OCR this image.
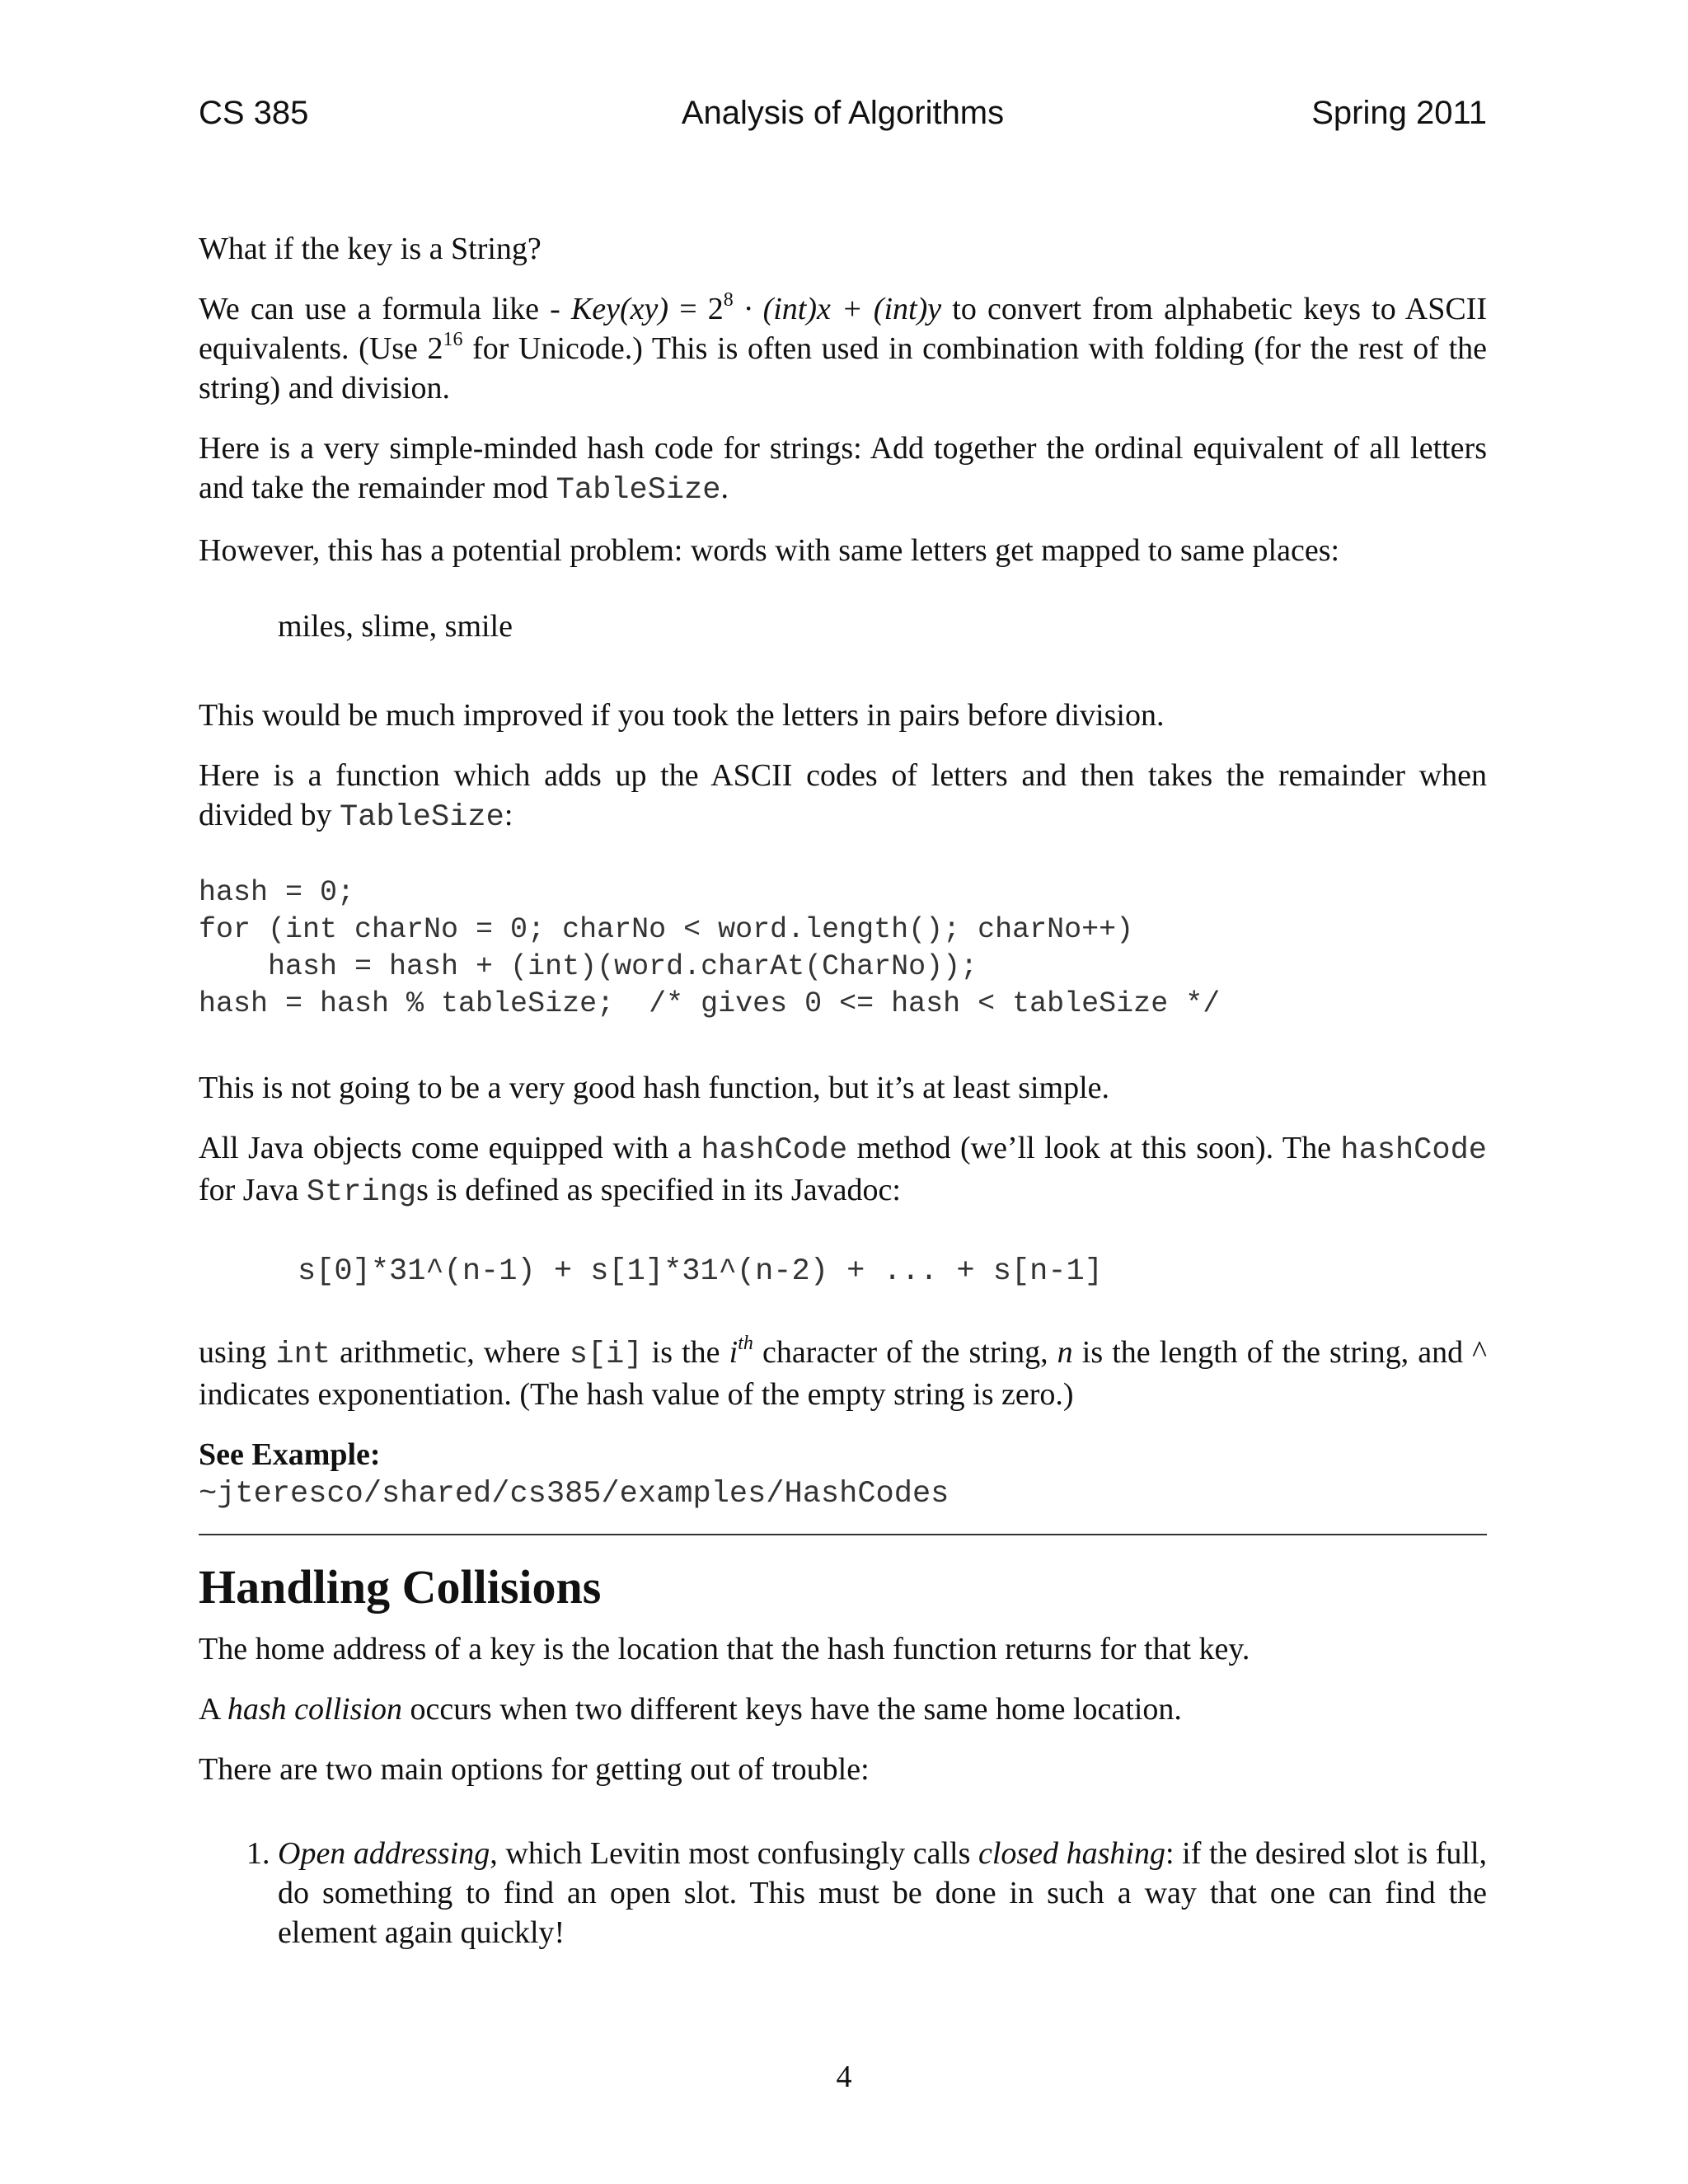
CS 385	Analysis of Algorithms	Spring 2011

What if the key is a String?

We can use a formula like - $Key(xy) = 2^8 \cdot (int)x + (int)y$ to convert from alphabetic keys to ASCII equivalents. (Use $2^{16}$ for Unicode.) This is often used in combination with folding (for the rest of the string) and division.

Here is a very simple-minded hash code for strings: Add together the ordinal equivalent of all letters and take the remainder mod TableSize.

However, this has a potential problem: words with same letters get mapped to same places:

miles, slime, smile

This would be much improved if you took the letters in pairs before division.

Here is a function which adds up the ASCII codes of letters and then takes the remainder when divided by TableSize:

hash = 0;
for (int charNo = 0; charNo < word.length(); charNo++)
hash = hash + (int)(word.charAt(CharNo));
hash = hash % tableSize;  /* gives 0 <= hash < tableSize */

This is not going to be a very good hash function, but it’s at least simple.

All Java objects come equipped with a hashCode method (we’ll look at this soon). The hashCode for Java Strings is defined as specified in its Javadoc:

s[0]*31^(n-1) + s[1]*31^(n-2) + ... + s[n-1]

using int arithmetic, where s[i] is the $i^{th}$ character of the string, n is the length of the string, and ^ indicates exponentiation. (The hash value of the empty string is zero.)

See Example:

~jteresco/shared/cs385/examples/HashCodes
Handling Collisions

The home address of a key is the location that the hash function returns for that key.

A hash collision occurs when two different keys have the same home location.

There are two main options for getting out of trouble:

1. Open addressing, which Levitin most confusingly calls closed hashing: if the desired slot is full, do something to find an open slot. This must be done in such a way that one can find the element again quickly!
4
